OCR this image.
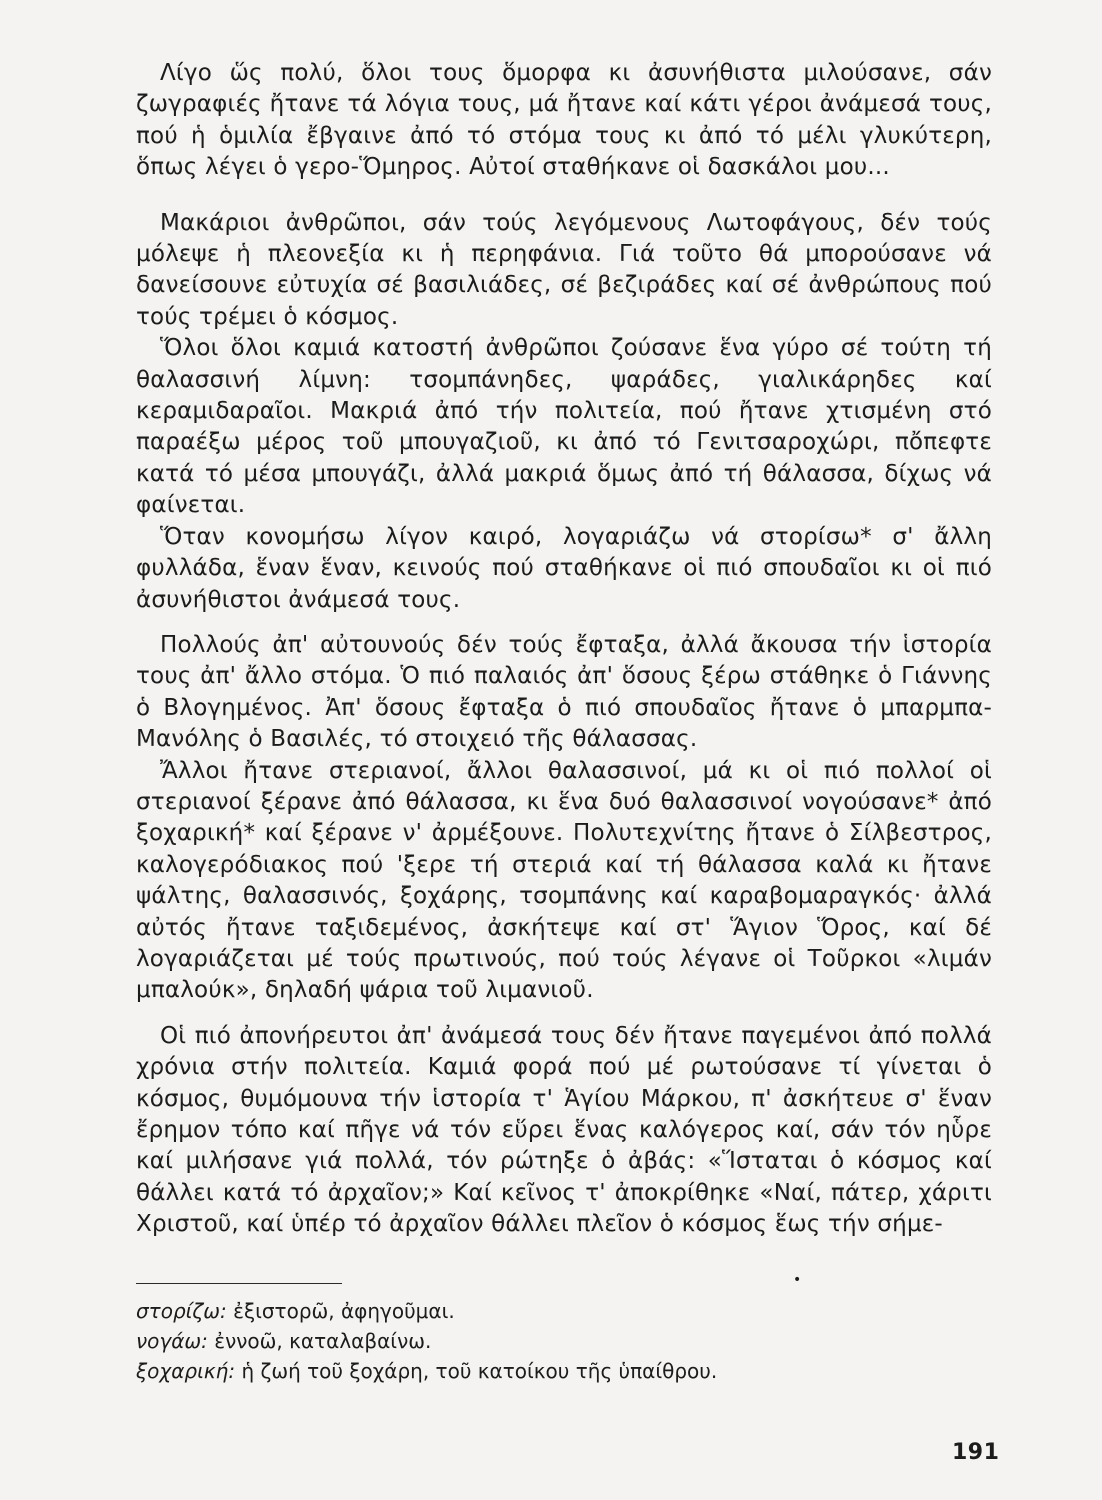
Λίγο ὥς πολύ, ὅλοι τους ὅμορφα κι ἀσυνήθιστα μιλούσανε, σάν ζωγραφιές ἤτανε τά λόγια τους, μά ἤτανε καί κάτι γέροι ἀνάμεσά τους, πού ἡ ὁμιλία ἔβγαινε ἀπό τό στόμα τους κι ἀπό τό μέλι γλυκύτερη, ὅπως λέγει ὁ γερο-Ὅμηρος. Αὐτοί σταθήκανε οἱ δασκάλοι μου...

Μακάριοι ἀνθρῶποι, σάν τούς λεγόμενους Λωτοφάγους, δέν τούς μόλεψε ἡ πλεονεξία κι ἡ περηφάνια. Γιά τοῦτο θά μπορούσανε νά δανείσουνε εὐτυχία σέ βασιλιάδες, σέ βεζιράδες καί σέ ἀνθρώπους πού τούς τρέμει ὁ κόσμος.

Ὅλοι ὅλοι καμιά κατοστή ἀνθρῶποι ζούσανε ἕνα γύρο σέ τούτη τή θαλασσινή λίμνη: τσομπάνηδες, ψαράδες, γιαλικάρηδες καί κεραμιδαραῖοι. Μακριά ἀπό τήν πολιτεία, πού ἤτανε χτισμένη στό παραέξω μέρος τοῦ μπουγαζιοῦ, κι ἀπό τό Γενιτσαροχώρι, πὄπεφτε κατά τό μέσα μπουγάζι, ἀλλά μακριά ὅμως ἀπό τή θάλασσα, δίχως νά φαίνεται.

Ὅταν κονομήσω λίγον καιρό, λογαριάζω νά στορίσω* σ' ἄλλη φυλλάδα, ἕναν ἕναν, κεινούς πού σταθήκανε οἱ πιό σπουδαῖοι κι οἱ πιό ἀσυνήθιστοι ἀνάμεσά τους.

Πολλούς ἀπ' αὐτουνούς δέν τούς ἔφταξα, ἀλλά ἄκουσα τήν ἱστορία τους ἀπ' ἄλλο στόμα. Ὁ πιό παλαιός ἀπ' ὅσους ξέρω στάθηκε ὁ Γιάννης ὁ Βλογημένος. Ἀπ' ὅσους ἔφταξα ὁ πιό σπουδαῖος ἤτανε ὁ μπαρμπα-Μανόλης ὁ Βασιλές, τό στοιχειό τῆς θάλασσας.

Ἄλλοι ἤτανε στεριανοί, ἄλλοι θαλασσινοί, μά κι οἱ πιό πολλοί οἱ στεριανοί ξέρανε ἀπό θάλασσα, κι ἕνα δυό θαλασσινοί νογούσανε* ἀπό ξοχαρική* καί ξέρανε ν' ἀρμέξουνε. Πολυτεχνίτης ἤτανε ὁ Σίλβεστρος, καλογερόδιακος πού 'ξερε τή στεριά καί τή θάλασσα καλά κι ἤτανε ψάλτης, θαλασσινός, ξοχάρης, τσομπάνης καί καραβομαραγκός· ἀλλά αὐτός ἤτανε ταξιδεμένος, ἀσκήτεψε καί στ' Ἅγιον Ὅρος, καί δέ λογαριάζεται μέ τούς πρωτινούς, πού τούς λέγανε οἱ Τοῦρκοι «λιμάν μπαλούκ», δηλαδή ψάρια τοῦ λιμανιοῦ.

Οἱ πιό ἀπονήρευτοι ἀπ' ἀνάμεσά τους δέν ἤτανε παγεμένοι ἀπό πολλά χρόνια στήν πολιτεία. Καμιά φορά πού μέ ρωτούσανε τί γίνεται ὁ κόσμος, θυμόμουνα τήν ἱστορία τ' Ἁγίου Μάρκου, π' ἀσκήτευε σ' ἕναν ἔρημον τόπο καί πῆγε νά τόν εὕρει ἕνας καλόγερος καί, σάν τόν ηὗρε καί μιλήσανε γιά πολλά, τόν ρώτηξε ὁ ἀβάς: «Ἵσταται ὁ κόσμος καί θάλλει κατά τό ἀρχαῖον;» Καί κεῖνος τ' ἀποκρίθηκε «Ναί, πάτερ, χάριτι Χριστοῦ, καί ὑπέρ τό ἀρχαῖον θάλλει πλεῖον ὁ κόσμος ἕως τήν σήμε-

•
στορίζω: ἐξιστορῶ, ἀφηγοῦμαι.
νογάω: ἐννοῶ, καταλαβαίνω.
ξοχαρική: ἡ ζωή τοῦ ξοχάρη, τοῦ κατοίκου τῆς ὑπαίθρου.
191
